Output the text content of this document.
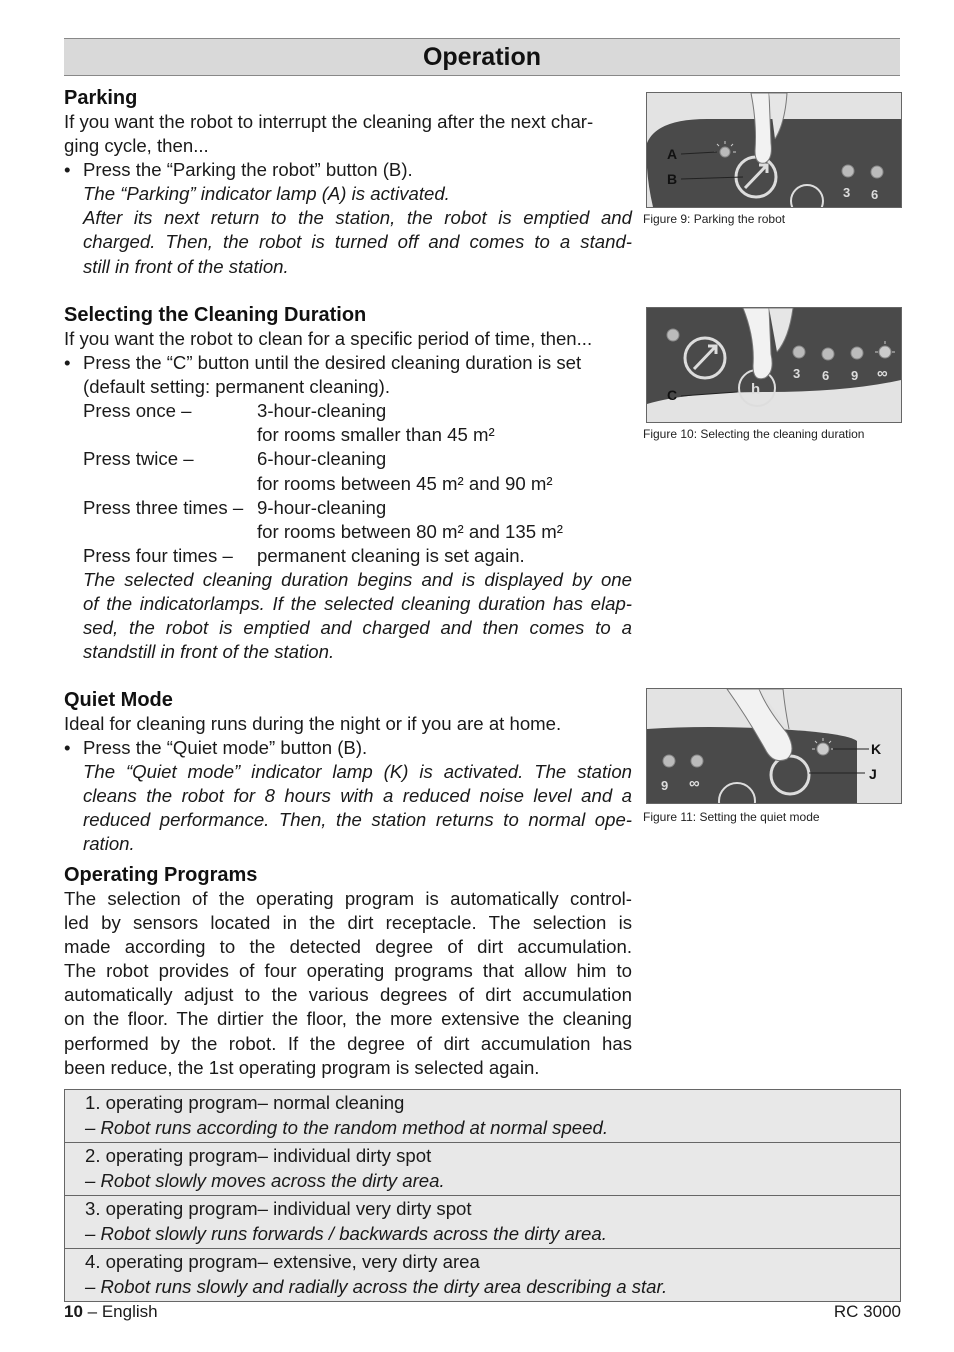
Operation
Parking

If you want the robot to interrupt the cleaning after the next char-

ging cycle, then...

• Press the “Parking the robot” button (B).

The “Parking” indicator lamp (A) is activated.

After its next return to the station, the robot is emptied and

charged. Then, the robot is turned off and comes to a stand-

still in front of the station.

Selecting the Cleaning Duration

If you want the robot to clean for a specific period of time, then...

• Press the “C” button until the desired cleaning duration is set

(default setting: permanent cleaning).

Press once –	3-hour-cleaning
for rooms smaller than 45 m²
Press twice –	6-hour-cleaning
for rooms between 45 m² and 90 m²
Press three times – 9-hour-cleaning
for rooms between 80 m² and 135 m²
Press four times –	permanent cleaning is set again.

The selected cleaning duration begins and is displayed by one

of the indicatorlamps. If the selected cleaning duration has elap-

sed, the robot is emptied and charged and then comes to a

standstill in front of the station.

Quiet Mode

Ideal for cleaning runs during the night or if you are at home.

• Press the “Quiet mode” button (B).

The “Quiet mode” indicator lamp (K) is activated. The station

cleans the robot for 8 hours with a reduced noise level and a

reduced performance. Then, the station returns to normal ope-

ration.

Operating Programs

The selection of the operating program is automatically control-

led by sensors located in the dirt receptacle. The selection is

made according to the detected degree of dirt accumulation.

The robot provides of four operating programs that allow him to

automatically adjust to the various degrees of dirt accumulation

on the floor. The dirtier the floor, the more extensive the cleaning

performed by the robot. If the degree of dirt accumulation has

been reduce, the 1st operating program is selected again.

1. operating program– normal cleaning
– Robot runs according to the random method at normal speed.

2. operating program– individual dirty spot
– Robot slowly moves across the dirty area.

3. operating program– individual very dirty spot
– Robot slowly runs forwards / backwards across the dirty area.

4. operating program– extensive, very dirty area
– Robot runs slowly and radially across the dirty area describing a star.
3 6
A
B
Figure 9: Parking the robot
h
3 6 9 ∞
C
Figure 10: Selecting the cleaning duration
9 ∞
K
J
Figure 11: Setting the quiet mode
10 – English	RC 3000
